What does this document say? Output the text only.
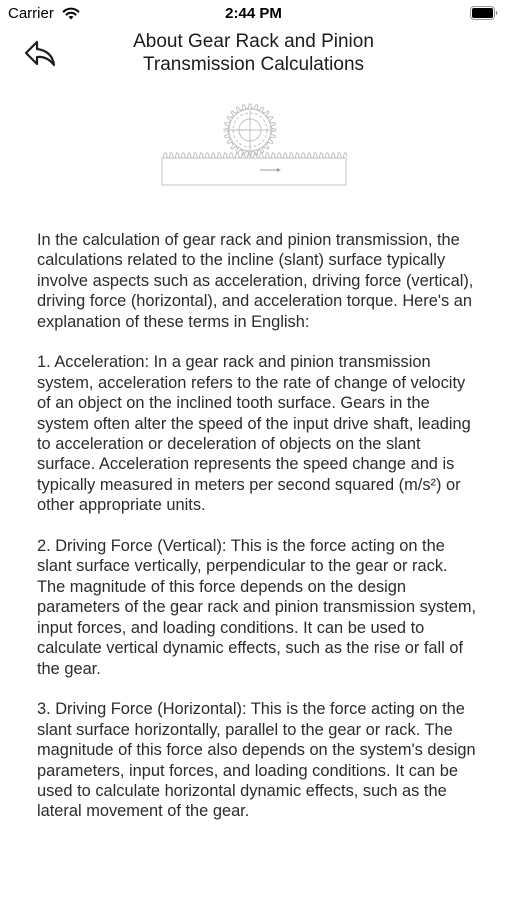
Carrier	2:44 PM
About Gear Rack and Pinion
Transmission Calculations

In the calculation of gear rack and pinion transmission, the calculations related to the incline (slant) surface typically involve aspects such as acceleration, driving force (vertical), driving force (horizontal), and acceleration torque. Here's an explanation of these terms in English:

1. Acceleration: In a gear rack and pinion transmission system, acceleration refers to the rate of change of velocity of an object on the inclined tooth surface. Gears in the system often alter the speed of the input drive shaft, leading to acceleration or deceleration of objects on the slant surface. Acceleration represents the speed change and is typically measured in meters per second squared (m/s²) or other appropriate units.

2. Driving Force (Vertical): This is the force acting on the slant surface vertically, perpendicular to the gear or rack. The magnitude of this force depends on the design parameters of the gear rack and pinion transmission system, input forces, and loading conditions. It can be used to calculate vertical dynamic effects, such as the rise or fall of the gear.

3. Driving Force (Horizontal): This is the force acting on the slant surface horizontally, parallel to the gear or rack. The magnitude of this force also depends on the system's design parameters, input forces, and loading conditions. It can be used to calculate horizontal dynamic effects, such as the lateral movement of the gear.
